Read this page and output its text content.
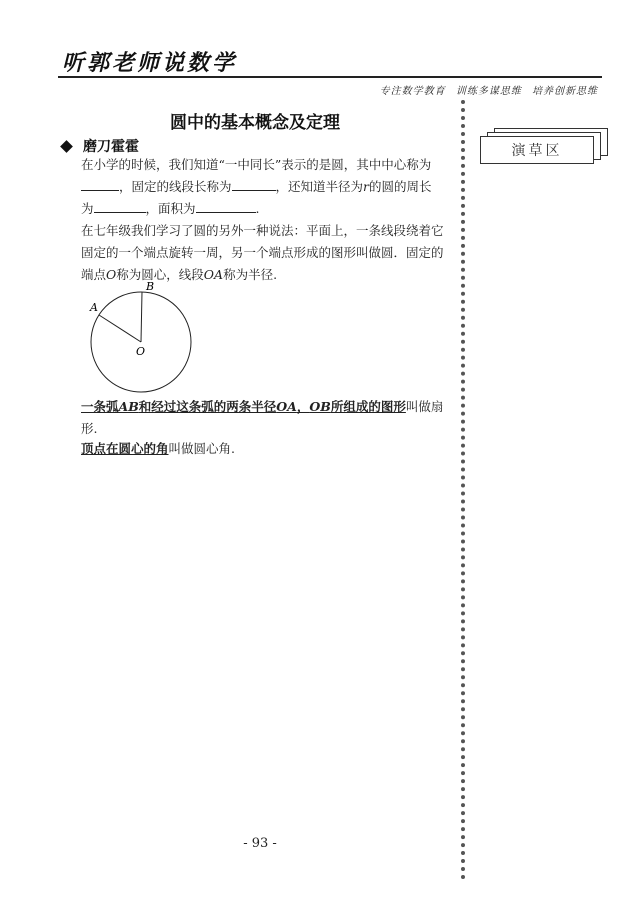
听郭老师说数学
专注数学教育 训练多谋思维 培养创新思维
演草区
圆中的基本概念及定理
磨刀霍霍
在小学的时候，我们知道“一中同长”表示的是圆，其中中心称为
，固定的线段长称为	，还知道半径为r的圆的周长
为	，面积为	.
在七年级我们学习了圆的另外一种说法：平面上，一条线段绕着它固定的一个端点旋转一周，另一个端点形成的图形叫做圆．固定的端点O称为圆心，线段OA称为半径.
A
B
O
一条弧AB和经过这条弧的两条半径OA，OB所组成的图形叫做扇形.
顶点在圆心的角叫做圆心角.
- 93 -
